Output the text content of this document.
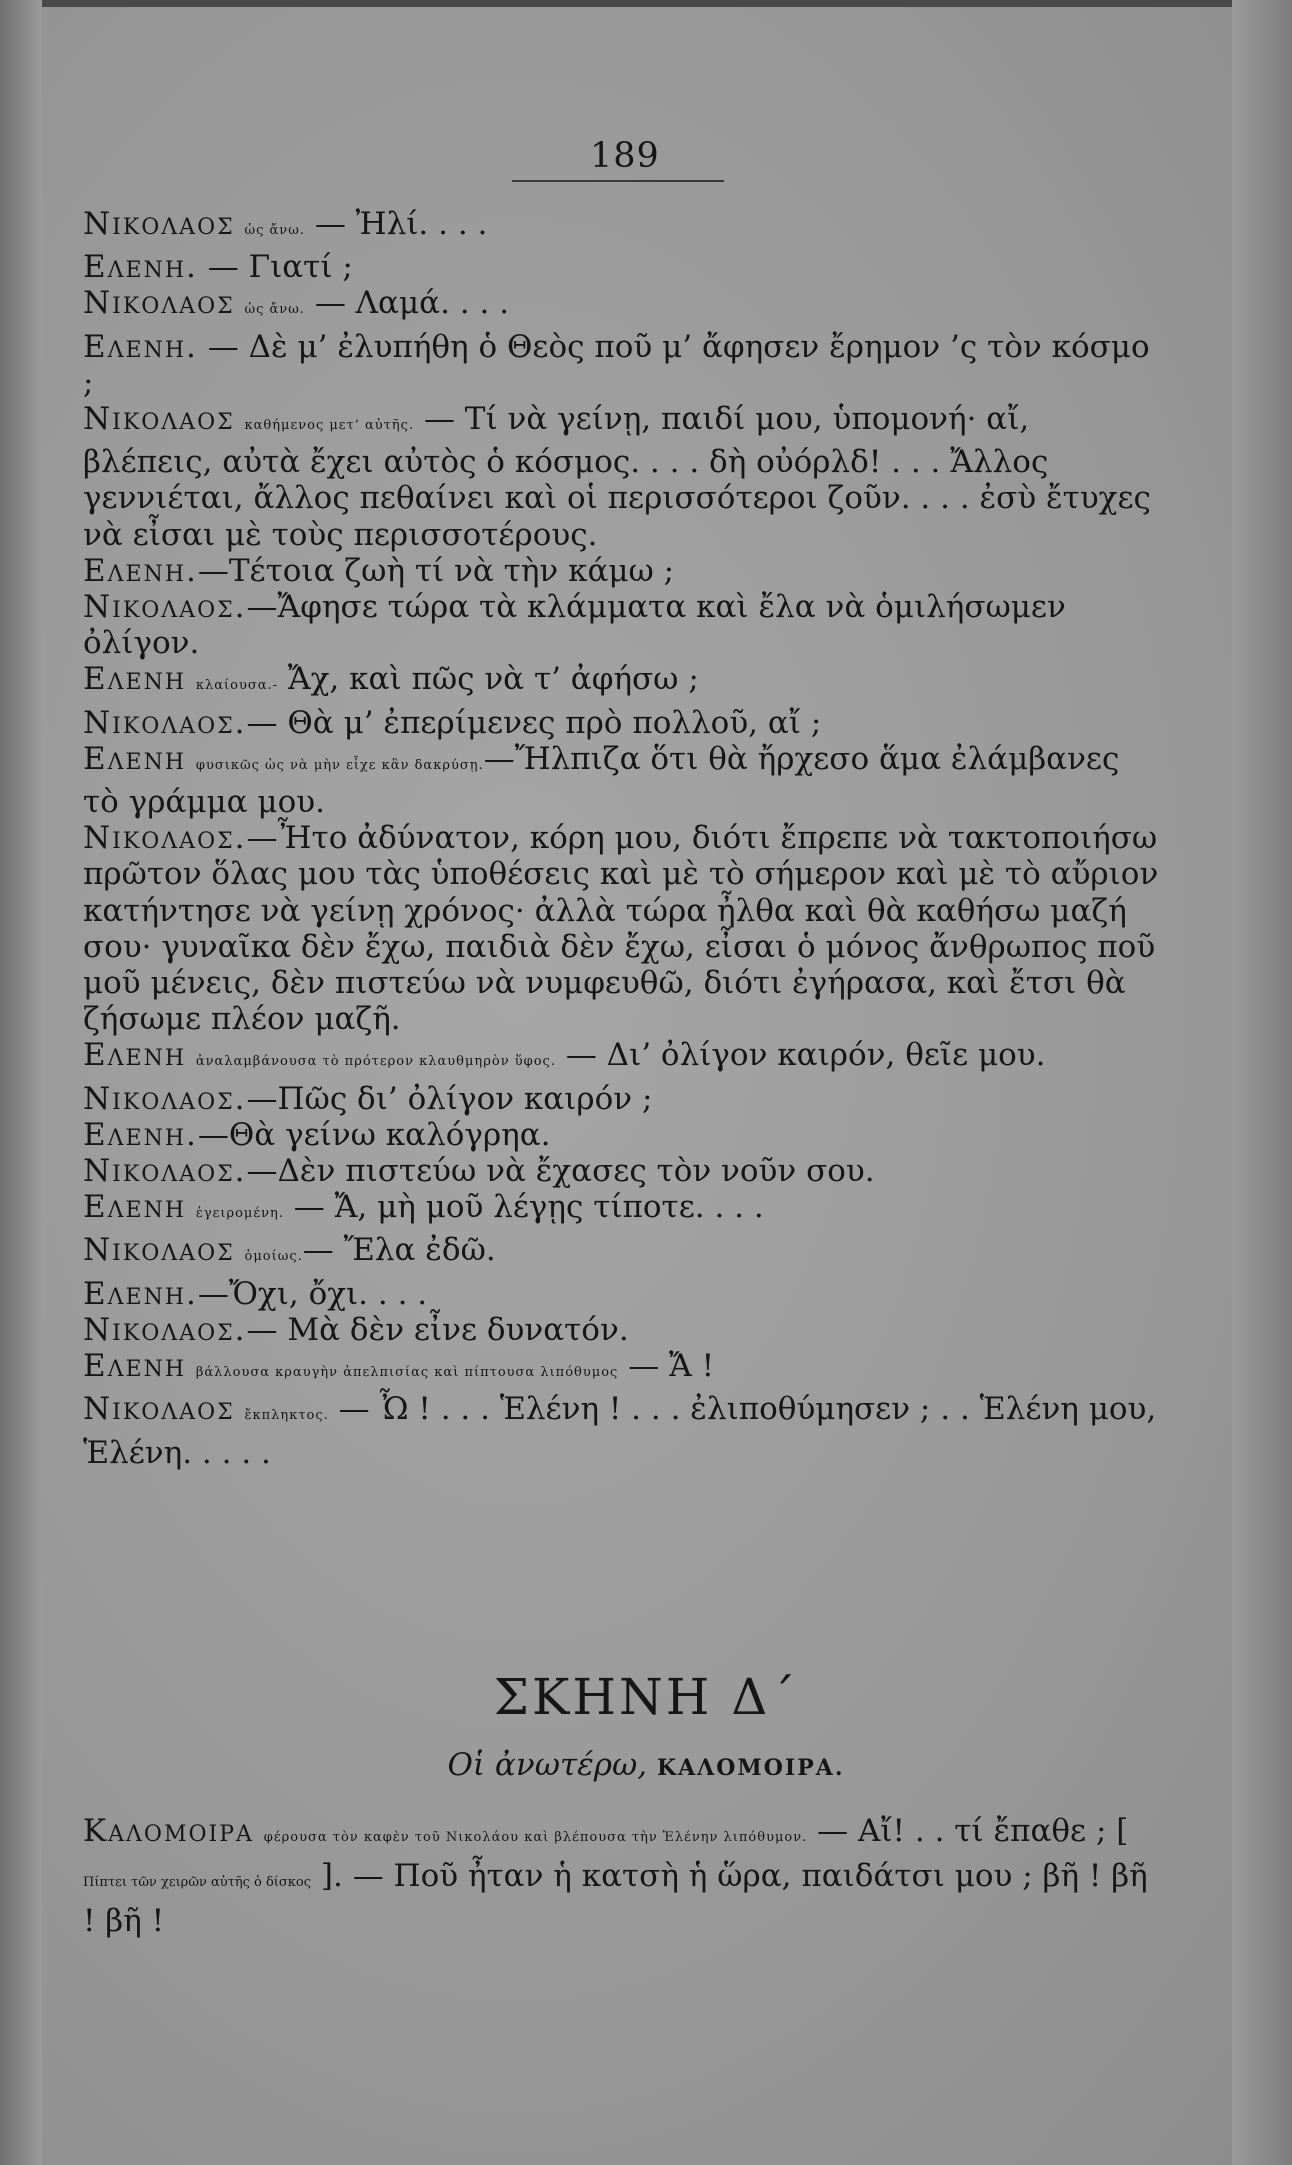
189

Νικολαος ὡς ἄνω. — Ἠλί. . . .

Ελενη. — Γιατί ;

Νικολαος ὡς ἄνω. — Λαμά. . . .

Ελενη. — Δὲ μ’ ἐλυπήθη ὁ Θεὸς ποῦ μ’ ἄφησεν ἔρημον ’ς τὸν κόσμο ;

Νικολαος καθήμενος μετ’ αὐτῆς. — Τί νὰ γείνῃ, παιδί μου, ὑπομονή· αἴ, βλέπεις, αὐτὰ ἔχει αὐτὸς ὁ κόσμος. . . . δὴ οὐόρλδ! . . . Ἄλλος γεννιέται, ἄλλος πεθαίνει καὶ οἱ περισσότεροι ζοῦν. . . . ἐσὺ ἔτυχες νὰ εἶσαι μὲ τοὺς περισσοτέρους.

Ελενη.—Τέτοια ζωὴ τί νὰ τὴν κάμω ;

Νικολαος.—Ἄφησε τώρα τὰ κλάμματα καὶ ἔλα νὰ ὁμιλήσωμεν ὀλίγον.

Ελενη κλαίουσα.- Ἄχ, καὶ πῶς νὰ τ’ ἀφήσω ;

Νικολαος.— Θὰ μ’ ἐπερίμενες πρὸ πολλοῦ, αἴ ;

Ελενη φυσικῶς ὡς νὰ μὴν εἶχε κἂν δακρύσῃ.—Ἤλπιζα ὅτι θὰ ἤρχεσο ἅμα ἐλάμβανες τὸ γράμμα μου.

Νικολαος.—Ἦτο ἀδύνατον, κόρη μου, διότι ἔπρεπε νὰ τακτοποιήσω πρῶτον ὅλας μου τὰς ὑποθέσεις καὶ μὲ τὸ σήμερον καὶ μὲ τὸ αὔριον κατήντησε νὰ γείνῃ χρόνος· ἀλλὰ τώρα ἦλθα καὶ θὰ καθήσω μαζή σου· γυναῖκα δὲν ἔχω, παιδιὰ δὲν ἔχω, εἶσαι ὁ μόνος ἄνθρωπος ποῦ μοῦ μένεις, δὲν πιστεύω νὰ νυμφευθῶ, διότι ἐγήρασα, καὶ ἔτσι θὰ ζήσωμε πλέον μαζῆ.

Ελενη ἀναλαμβάνουσα τὸ πρότερον κλαυθμηρὸν ὕφος. — Δι’ ὀλίγον καιρόν, θεῖε μου.

Νικολαος.—Πῶς δι’ ὀλίγον καιρόν ;

Ελενη.—Θὰ γείνω καλόγρηα.

Νικολαος.—Δὲν πιστεύω νὰ ἔχασες τὸν νοῦν σου.

Ελενη ἐγειρομένη. — Ἄ, μὴ μοῦ λέγῃς τίποτε. . . .

Νικολαος ὁμοίως.— Ἔλα ἐδῶ.

Ελενη.—Ὄχι, ὄχι. . . .

Νικολαος.— Μὰ δὲν εἶνε δυνατόν.

Ελενη βάλλουσα κραυγὴν ἀπελπισίας καὶ πίπτουσα λιπόθυμος — Ἄ !

Νικολαος ἔκπληκτος. — Ὦ ! . . . Ἑλένη ! . . . ἐλιποθύμησεν ; . . Ἑλένη μου, Ἑλένη. . . . .

ΣΚΗΝΗ Δ΄
Οἱ ἀνωτέρω, ΚΑΛΟΜΟΙΡΑ.

Καλομοιρα φέρουσα τὸν καφὲν τοῦ Νικολάου καὶ βλέπουσα τὴν Ἑλένην λιπόθυμον. — Αἴ! . . τί ἔπαθε ; [ Πίπτει τῶν χειρῶν αὐτῆς ὁ δίσκος ]. — Ποῦ ἦταν ἡ κατσὴ ἡ ὥρα, παιδάτσι μου ; βῆ ! βῆ ! βῆ !
